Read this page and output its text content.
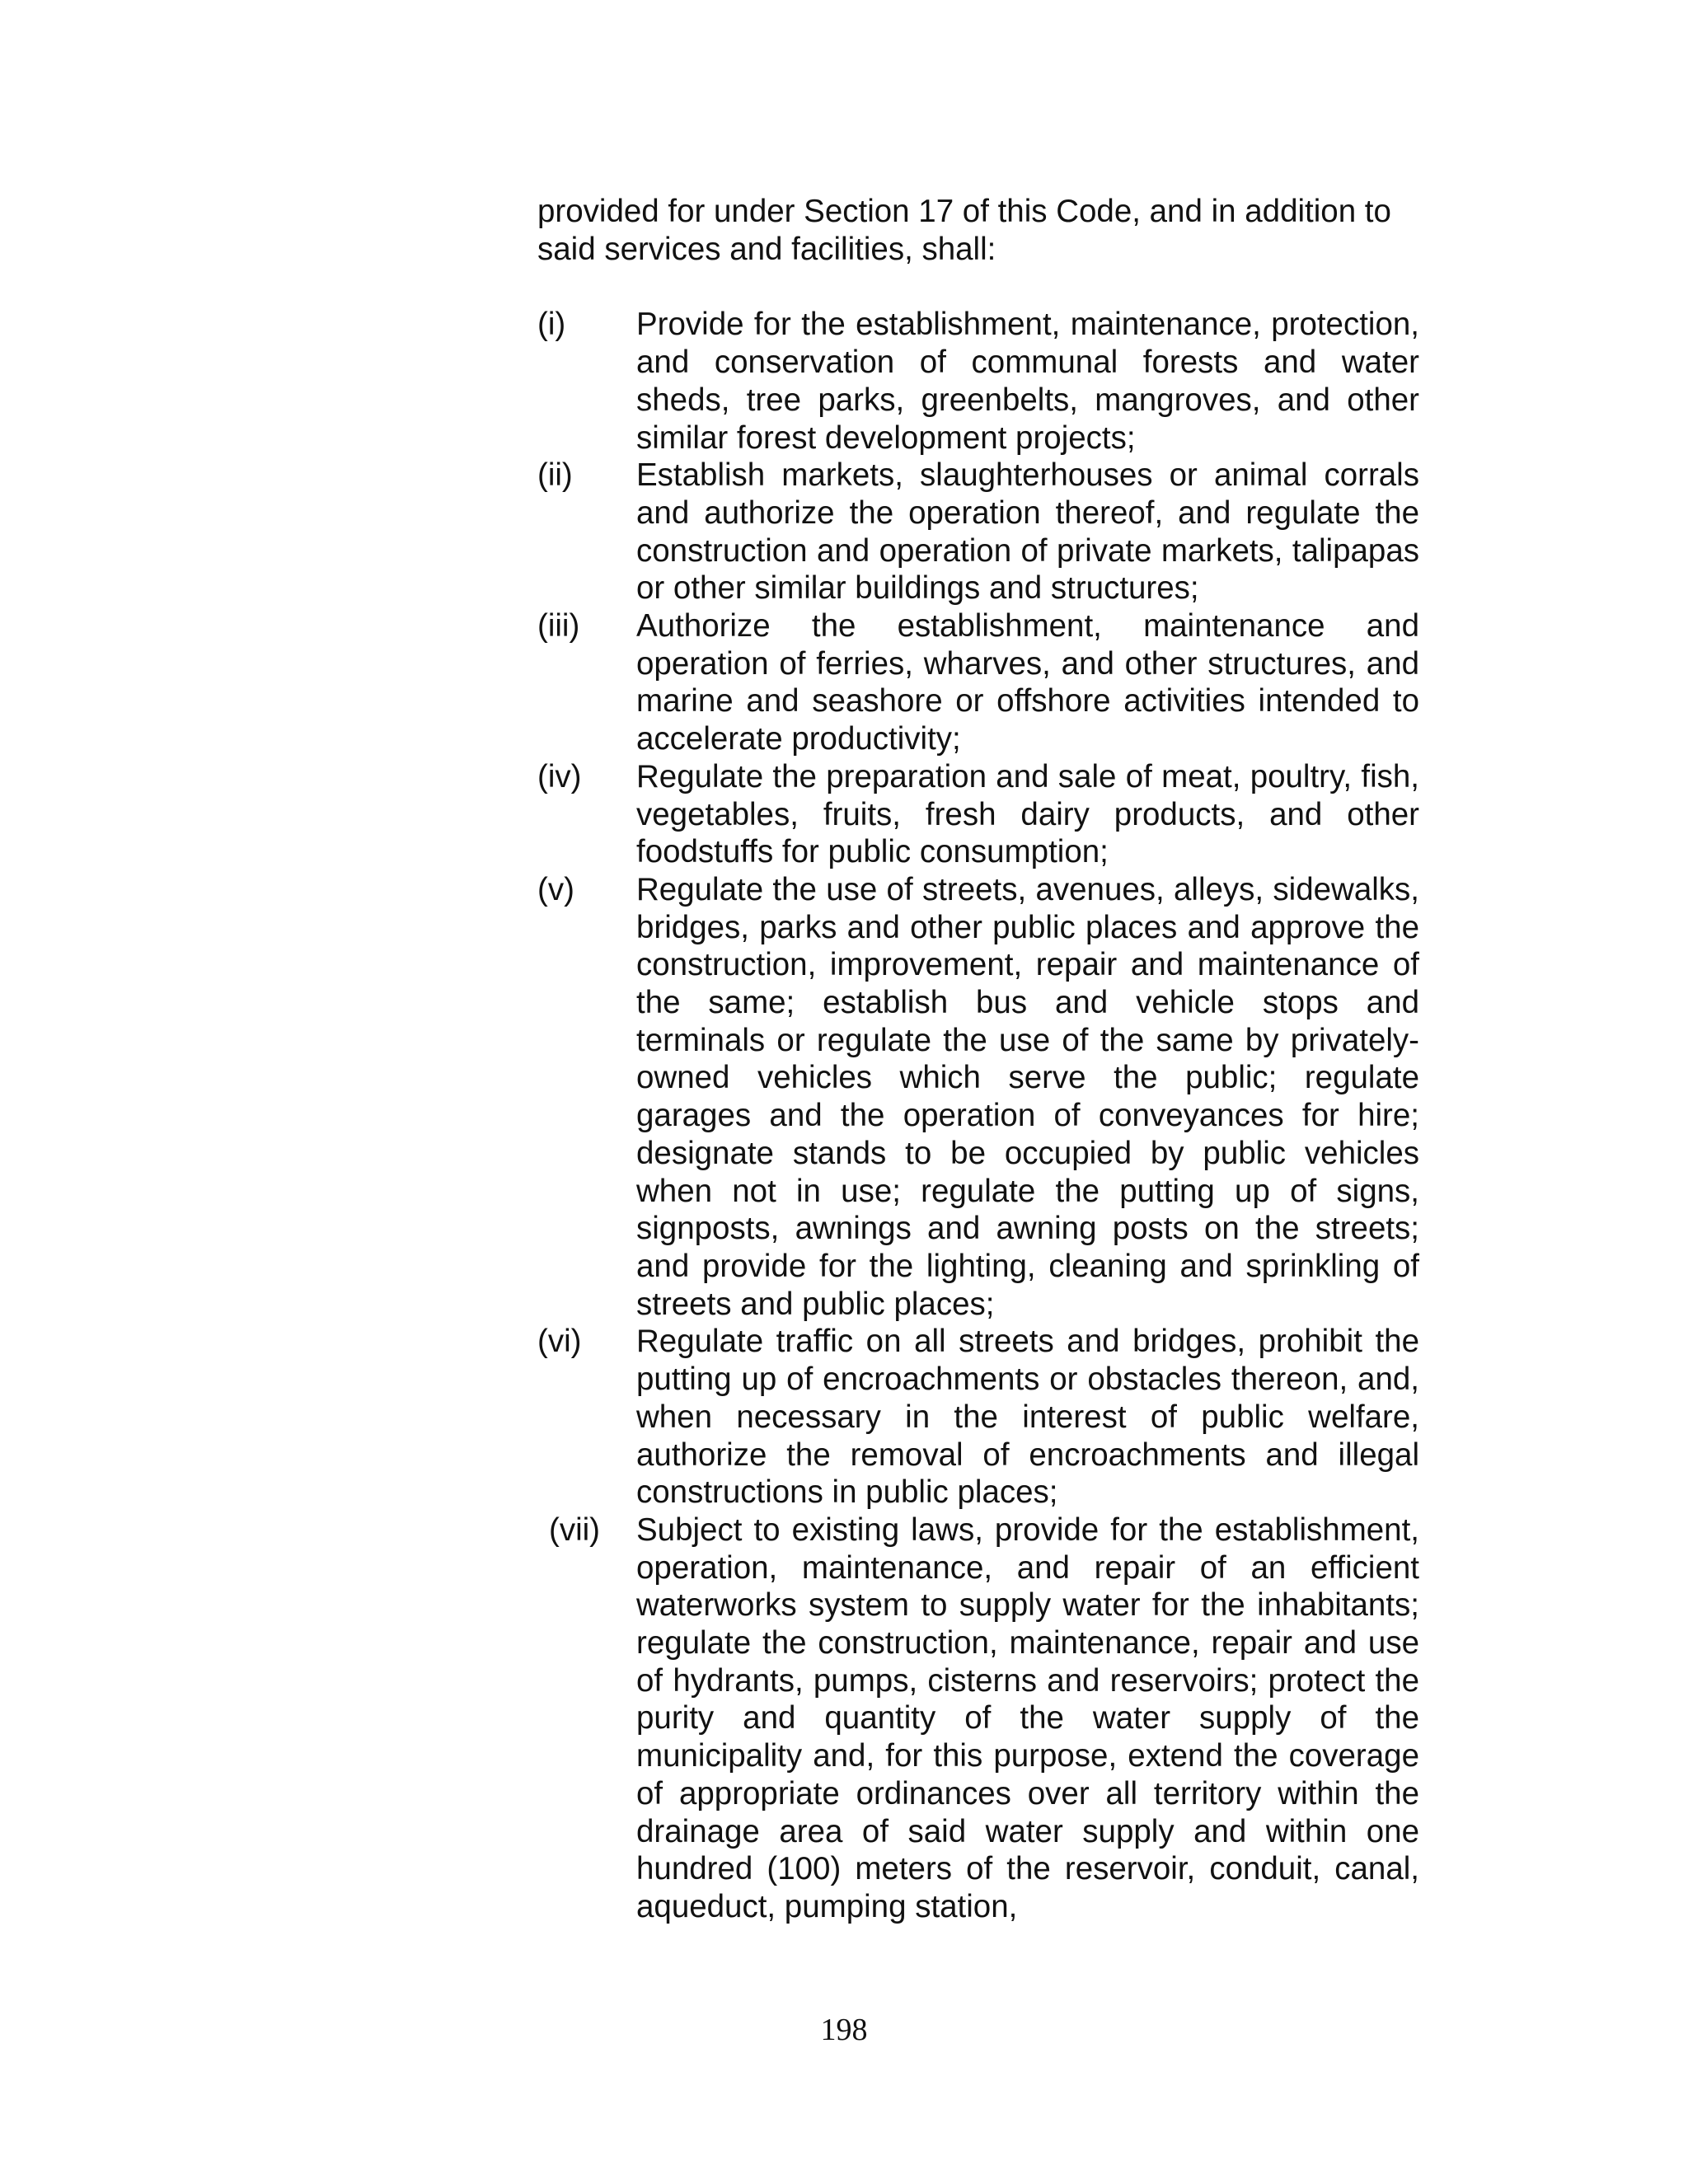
provided for under Section 17 of this Code, and in addition to said services and facilities, shall:

(i)	Provide for the establishment, maintenance, protection, and conservation of communal forests and water sheds, tree parks, greenbelts, mangroves, and other similar forest development projects;
(ii)	Establish markets, slaughterhouses or animal corrals and authorize the operation thereof, and regulate the construction and operation of private markets, talipapas or other similar buildings and structures;
(iii)	Authorize the establishment, maintenance and operation of ferries, wharves, and other structures, and marine and seashore or offshore activities intended to accelerate productivity;
(iv)	Regulate the preparation and sale of meat, poultry, fish, vegetables, fruits, fresh dairy products, and other foodstuffs for public consumption;
(v)	Regulate the use of streets, avenues, alleys, sidewalks, bridges, parks and other public places and approve the construction, improvement, repair and maintenance of the same; establish bus and vehicle stops and terminals or regulate the use of the same by privately-owned vehicles which serve the public; regulate garages and the operation of conveyances for hire; designate stands to be occupied by public vehicles when not in use; regulate the putting up of signs, signposts, awnings and awning posts on the streets; and provide for the lighting, cleaning and sprinkling of streets and public places;
(vi)	Regulate traffic on all streets and bridges, prohibit the putting up of encroachments or obstacles thereon, and, when necessary in the interest of public welfare, authorize the removal of encroachments and illegal constructions in public places;
(vii)	Subject to existing laws, provide for the establishment, operation, maintenance, and repair of an efficient waterworks system to supply water for the inhabitants; regulate the construction, maintenance, repair and use of hydrants, pumps, cisterns and reservoirs; protect the purity and quantity of the water supply of the municipality and, for this purpose, extend the coverage of appropriate ordinances over all territory within the drainage area of said water supply and within one hundred (100) meters of the reservoir, conduit, canal, aqueduct, pumping station,
198
